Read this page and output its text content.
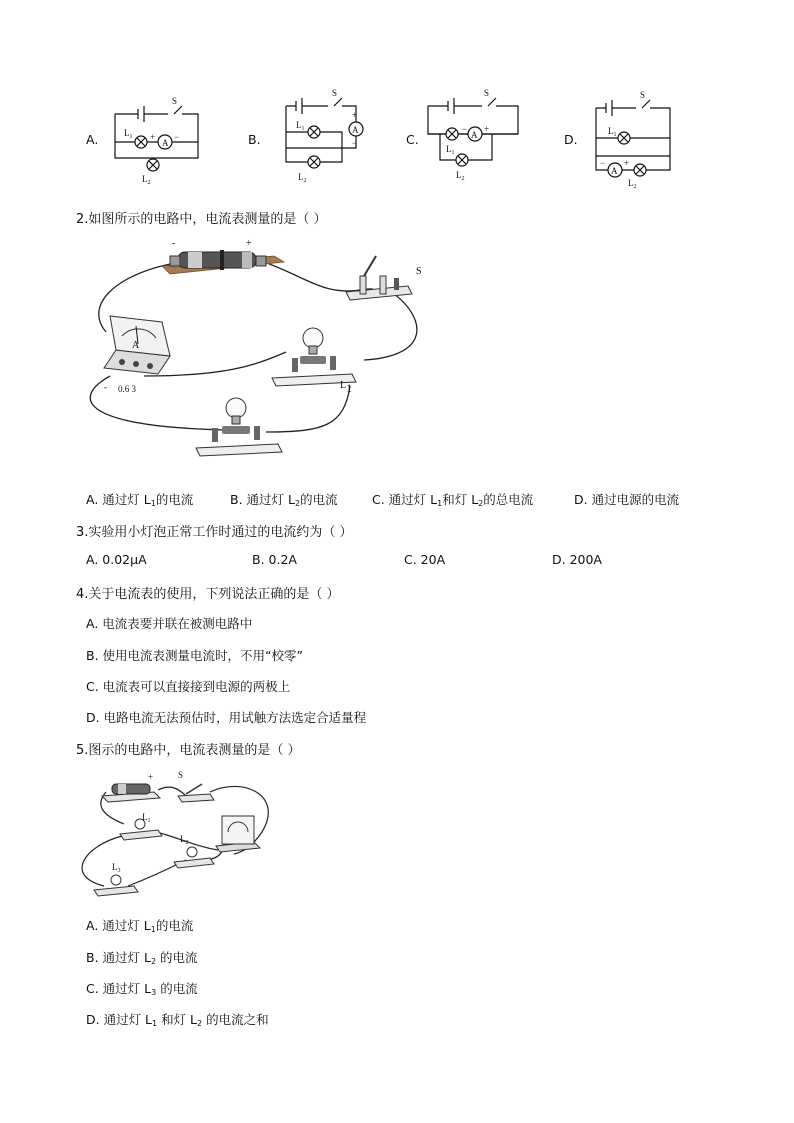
A.	$L_1$
A
+ −
S
$L_2$
B.
A
+
−
S
$L_1$
$L_2$
C.	A
− +
S
$L_1$
$L_2$
D.
A
− +
S
$L_1$
$L_2$
2.如图所示的电路中，电流表测量的是（ ）
-	+
S
A
- 0.6 3	L1
A. 通过灯 $L_1$的电流	B. 通过灯 $L_2$的电流	C. 通过灯 $L_1$和灯 $L_2$的总电流	D. 通过电源的电流
3.实验用小灯泡正常工作时通过的电流约为（ ）
A. 0.02μA	B. 0.2A	C. 20A	D. 200A
4.关于电流表的使用，下列说法正确的是（ ）
A. 电流表要并联在被测电路中
B. 使用电流表测量电流时，不用“校零”
C. 电流表可以直接接到电源的两极上
D. 电路电流无法预估时，用试触方法选定合适量程
5.图示的电路中，电流表测量的是（ ）
+	S
$L_1$
$L_2$
$L_3$
A. 通过灯 $L_1$的电流
B. 通过灯 $L_2$ 的电流
C. 通过灯 $L_3$ 的电流
D. 通过灯 $L_1$ 和灯 $L_2$ 的电流之和
